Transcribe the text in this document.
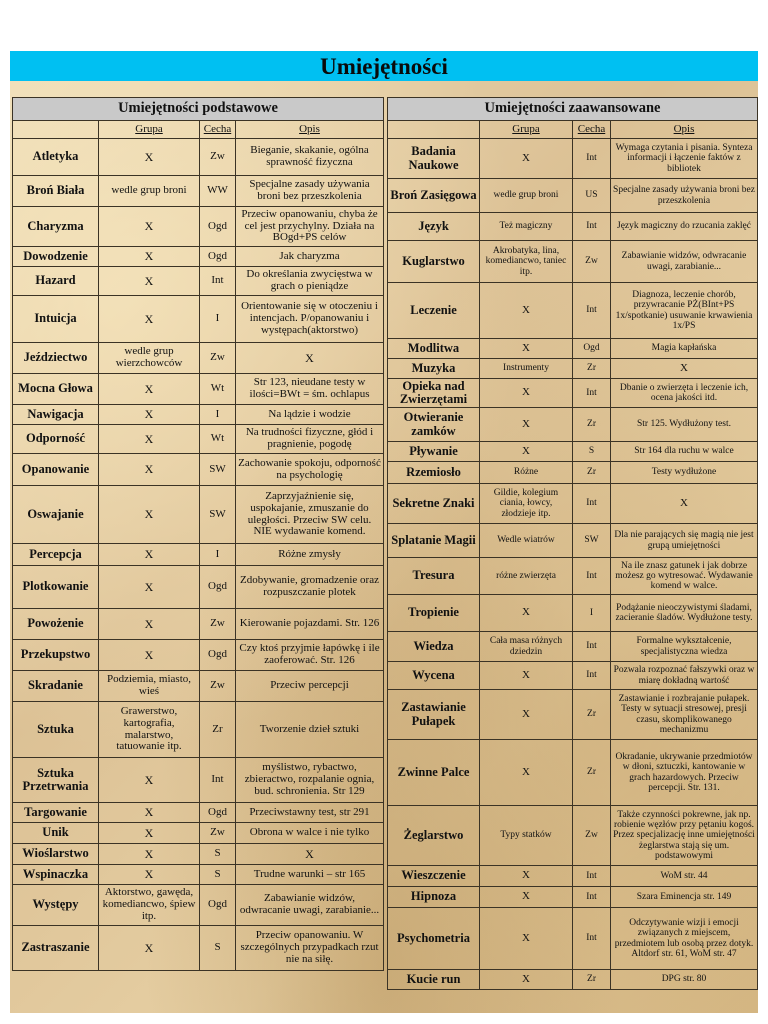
Umiejętności
Umiejętności podstawowe			
	Grupa	Cecha	Opis
Atletyka	X	Zw	Bieganie, skakanie, ogólna sprawność fizyczna
Broń Biała	wedle grup broni	WW	Specjalne zasady używania broni bez przeszkolenia
Charyzma	X	Ogd	Przeciw opanowaniu, chyba że cel jest przychylny. Działa na BOgd+PS celów
Dowodzenie	X	Ogd	Jak charyzma
Hazard	X	Int	Do określania zwycięstwa w grach o pieniądze
Intuicja	X	I	Orientowanie się w otoczeniu i intencjach. P/opanowaniu i występach(aktorstwo)
Jeździectwo	wedle grup wierzchowców	Zw	X
Mocna Głowa	X	Wt	Str 123, nieudane testy w ilości=BWt = śm. ochlapus
Nawigacja	X	I	Na lądzie i wodzie
Odporność	X	Wt	Na trudności fizyczne, głód i pragnienie, pogodę
Opanowanie	X	SW	Zachowanie spokoju, odporność na psychologię
Oswajanie	X	SW	Zaprzyjaźnienie się, uspokajanie, zmuszanie do uległości. Przeciw SW celu. NIE wydawanie komend.
Percepcja	X	I	Różne zmysły
Plotkowanie	X	Ogd	Zdobywanie, gromadzenie oraz rozpuszczanie plotek
Powożenie	X	Zw	Kierowanie pojazdami. Str. 126
Przekupstwo	X	Ogd	Czy ktoś przyjmie łapówkę i ile zaoferować. Str. 126
Skradanie	Podziemia, miasto, wieś	Zw	Przeciw percepcji
Sztuka	Grawerstwo, kartografia, malarstwo, tatuowanie itp.	Zr	Tworzenie dzieł sztuki
Sztuka Przetrwania	X	Int	myślistwo, rybactwo, zbieractwo, rozpalanie ognia, bud. schronienia. Str 129
Targowanie	X	Ogd	Przeciwstawny test, str 291
Unik	X	Zw	Obrona w walce i nie tylko
Wioślarstwo	X	S	X
Wspinaczka	X	S	Trudne warunki – str 165
Występy	Aktorstwo, gawęda, komediancwo, śpiew itp.	Ogd	Zabawianie widzów, odwracanie uwagi, zarabianie...
Zastraszanie	X	S	Przeciw opanowaniu. W szczególnych przypadkach rzut nie na siłę.
Umiejętności zaawansowane			
	Grupa	Cecha	Opis
Badania Naukowe	X	Int	Wymaga czytania i pisania. Synteza informacji i łączenie faktów z bibliotek
Broń Zasięgowa	wedle grup broni	US	Specjalne zasady używania broni bez przeszkolenia
Język	Też magiczny	Int	Język magiczny do rzucania zaklęć
Kuglarstwo	Akrobatyka, lina, komediancwo, taniec itp.	Zw	Zabawianie widzów, odwracanie uwagi, zarabianie...
Leczenie	X	Int	Diagnoza, leczenie chorób, przywracanie PŻ(BInt+PS 1x/spotkanie) usuwanie krwawienia 1x/PS
Modlitwa	X	Ogd	Magia kapłańska
Muzyka	Instrumenty	Zr	X
Opieka nad Zwierzętami	X	Int	Dbanie o zwierzęta i leczenie ich, ocena jakości itd.
Otwieranie zamków	X	Zr	Str 125. Wydłużony test.
Pływanie	X	S	Str 164 dla ruchu w walce
Rzemiosło	Różne	Zr	Testy wydłużone
Sekretne Znaki	Gildie, kolegium ciania, łowcy, złodzieje itp.	Int	X
Splatanie Magii	Wedle wiatrów	SW	Dla nie parających się magią nie jest grupą umiejętności
Tresura	różne zwierzęta	Int	Na ile znasz gatunek i jak dobrze możesz go wytresować. Wydawanie komend w walce.
Tropienie	X	I	Podążanie nieoczywistymi śladami, zacieranie śladów. Wydłużone testy.
Wiedza	Cała masa różnych dziedzin	Int	Formalne wykształcenie, specjalistyczna wiedza
Wycena	X	Int	Pozwala rozpoznać fałszywki oraz w miarę dokładną wartość
Zastawianie Pułapek	X	Zr	Zastawianie i rozbrajanie pułapek. Testy w sytuacji stresowej, presji czasu, skomplikowanego mechanizmu
Zwinne Palce	X	Zr	Okradanie, ukrywanie przedmiotów w dłoni, sztuczki, kantowanie w grach hazardowych. Przeciw percepcji. Str. 131.
Żeglarstwo	Typy statków	Zw	Także czynności pokrewne, jak np. robienie węzłów przy pętaniu kogoś. Przez specjalizację inne umiejętności żeglarstwa stają się um. podstawowymi
Wieszczenie	X	Int	WoM str. 44
Hipnoza	X	Int	Szara Eminencja str. 149
Psychometria	X	Int	Odczytywanie wizji i emocji związanych z miejscem, przedmiotem lub osobą przez dotyk. Altdorf str. 61, WoM str. 47
Kucie run	X	Zr	DPG str. 80
